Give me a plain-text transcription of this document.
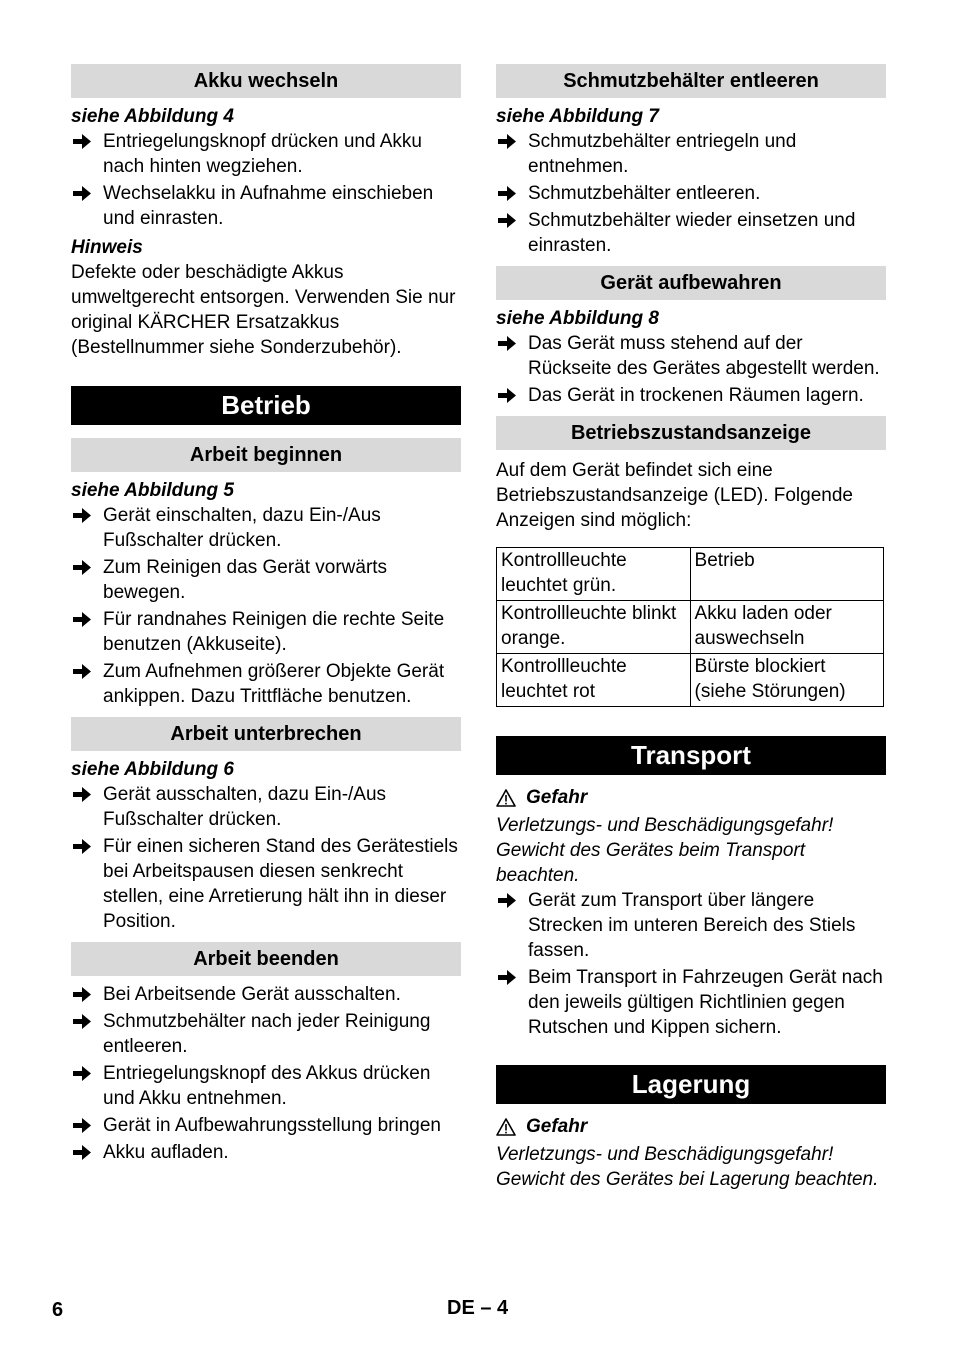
Akku wechseln
siehe Abbildung 4
Entriegelungsknopf drücken und Akku nach hinten wegziehen.
Wechselakku in Aufnahme einschieben und einrasten.
Hinweis
Defekte oder beschädigte Akkus umweltgerecht entsorgen. Verwenden Sie nur original KÄRCHER Ersatzakkus (Bestellnummer siehe Sonderzubehör).
Betrieb
Arbeit beginnen
siehe Abbildung 5
Gerät einschalten, dazu Ein-/Aus Fußschalter drücken.
Zum Reinigen das Gerät vorwärts bewegen.
Für randnahes Reinigen die rechte Seite benutzen (Akkuseite).
Zum Aufnehmen größerer Objekte Gerät ankippen. Dazu Trittfläche benutzen.
Arbeit unterbrechen
siehe Abbildung 6
Gerät ausschalten, dazu Ein-/Aus Fußschalter drücken.
Für einen sicheren Stand des Gerätestiels bei Arbeitspausen diesen senkrecht stellen, eine Arretierung hält ihn in dieser Position.
Arbeit beenden
Bei Arbeitsende Gerät ausschalten.
Schmutzbehälter nach jeder Reinigung entleeren.
Entriegelungsknopf des Akkus drücken und Akku entnehmen.
Gerät in Aufbewahrungsstellung bringen
Akku aufladen.
Schmutzbehälter entleeren
siehe Abbildung 7
Schmutzbehälter entriegeln und entnehmen.
Schmutzbehälter entleeren.
Schmutzbehälter wieder einsetzen und einrasten.
Gerät aufbewahren
siehe Abbildung 8
Das Gerät muss stehend auf der Rückseite des Gerätes abgestellt werden.
Das Gerät in trockenen Räumen lagern.
Betriebszustandsanzeige
Auf dem Gerät befindet sich eine Betriebszustandsanzeige (LED). Folgende Anzeigen sind möglich:
Kontrollleuchte leuchtet grün.	Betrieb
Kontrollleuchte blinkt orange.	Akku laden oder auswechseln
Kontrollleuchte leuchtet rot	Bürste blockiert (siehe Störungen)
Transport
Gefahr
Verletzungs- und Beschädigungsgefahr! Gewicht des Gerätes beim Transport beachten.
Gerät zum Transport über längere Strecken im unteren Bereich des Stiels fassen.
Beim Transport in Fahrzeugen Gerät nach den jeweils gültigen Richtlinien gegen Rutschen und Kippen sichern.
Lagerung
Gefahr
Verletzungs- und Beschädigungsgefahr! Gewicht des Gerätes bei Lagerung beachten.
6	DE – 4
